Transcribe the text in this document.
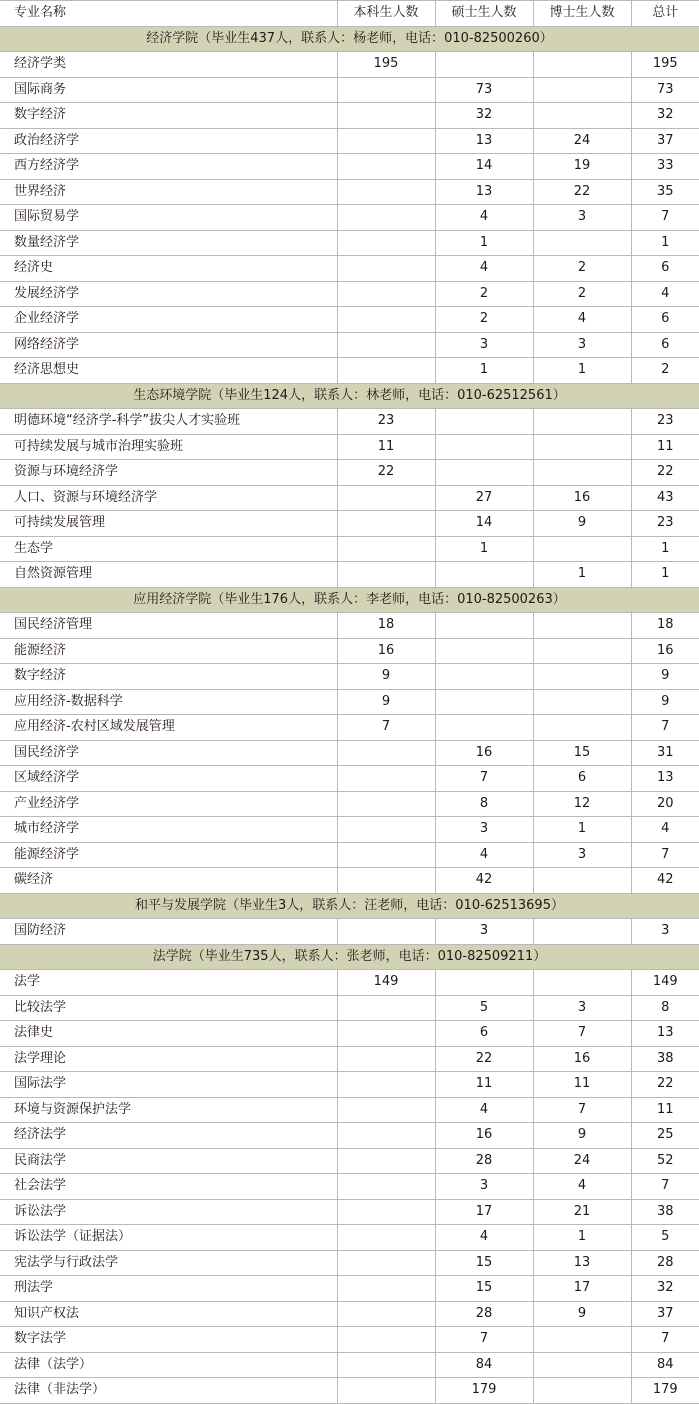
专业名称	本科生人数	硕士生人数	博士生人数	总计
经济学院（毕业生437人，联系人：杨老师，电话：010-82500260）				
经济学类	195			195
国际商务		73		73
数字经济		32		32
政治经济学		13	24	37
西方经济学		14	19	33
世界经济		13	22	35
国际贸易学		4	3	7
数量经济学		1		1
经济史		4	2	6
发展经济学		2	2	4
企业经济学		2	4	6
网络经济学		3	3	6
经济思想史		1	1	2
生态环境学院（毕业生124人，联系人：林老师，电话：010-62512561）				
明德环境“经济学-科学”拔尖人才实验班	23			23
可持续发展与城市治理实验班	11			11
资源与环境经济学	22			22
人口、资源与环境经济学		27	16	43
可持续发展管理		14	9	23
生态学		1		1
自然资源管理			1	1
应用经济学院（毕业生176人，联系人：李老师，电话：010-82500263）				
国民经济管理	18			18
能源经济	16			16
数字经济	9			9
应用经济-数据科学	9			9
应用经济-农村区域发展管理	7			7
国民经济学		16	15	31
区域经济学		7	6	13
产业经济学		8	12	20
城市经济学		3	1	4
能源经济学		4	3	7
碳经济		42		42
和平与发展学院（毕业生3人，联系人：汪老师，电话：010-62513695）				
国防经济		3		3
法学院（毕业生735人，联系人：张老师，电话：010-82509211）				
法学	149			149
比较法学		5	3	8
法律史		6	7	13
法学理论		22	16	38
国际法学		11	11	22
环境与资源保护法学		4	7	11
经济法学		16	9	25
民商法学		28	24	52
社会法学		3	4	7
诉讼法学		17	21	38
诉讼法学（证据法）		4	1	5
宪法学与行政法学		15	13	28
刑法学		15	17	32
知识产权法		28	9	37
数字法学		7		7
法律（法学）		84		84
法律（非法学）		179		179
